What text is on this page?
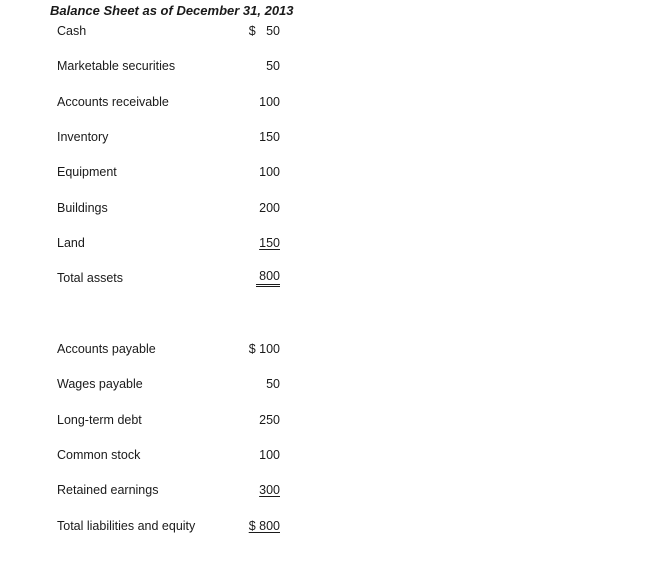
Balance Sheet as of December 31, 2013
Cash	$   50
Marketable securities	50
Accounts receivable	100
Inventory	150
Equipment	100
Buildings	200
Land	150
Total assets	800
Accounts payable	$ 100
Wages payable	50
Long-term debt	250
Common stock	100
Retained earnings	300
Total liabilities and equity	$ 800
